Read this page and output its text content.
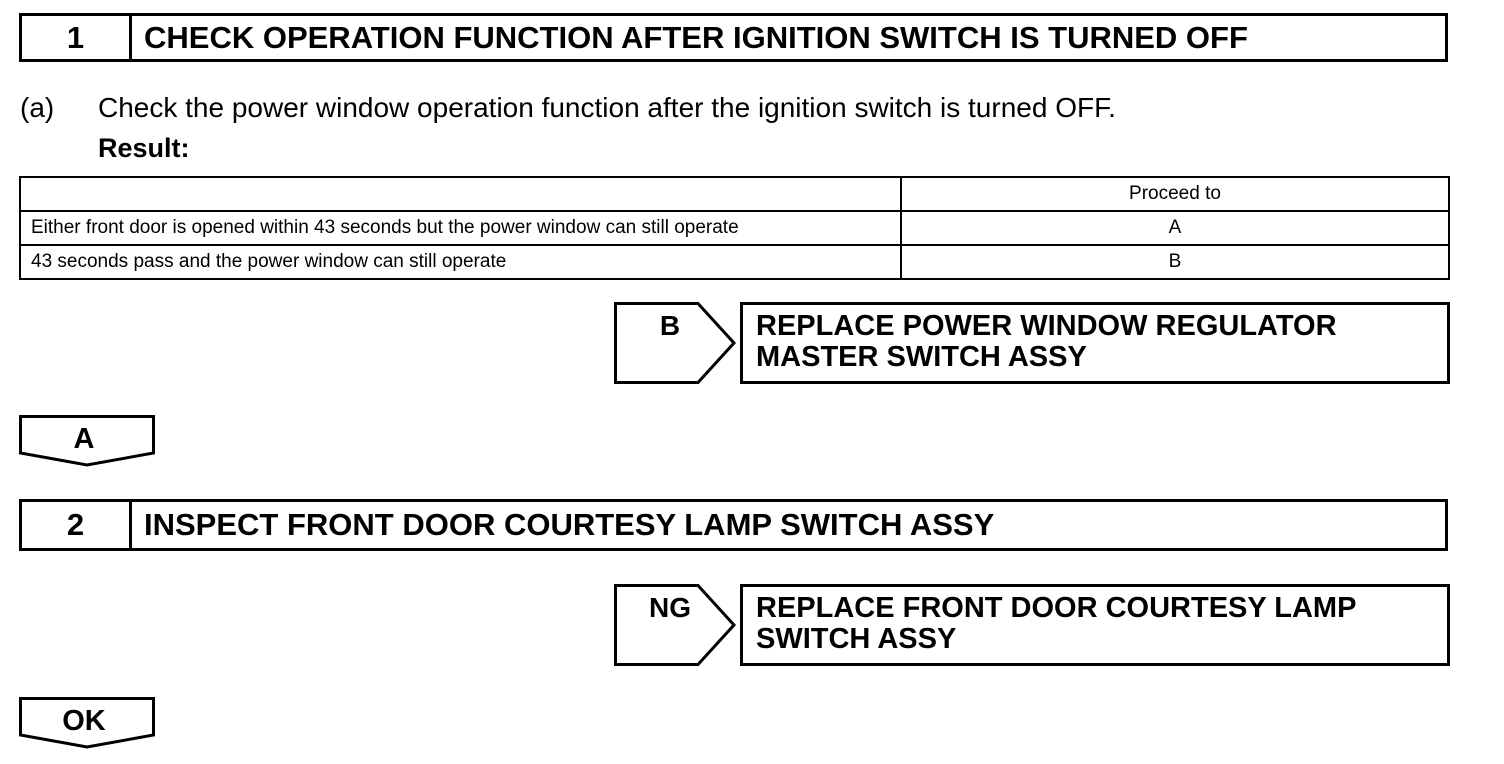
1	CHECK OPERATION FUNCTION AFTER IGNITION SWITCH IS TURNED OFF
(a) Check the power window operation function after the ignition switch is turned OFF.
Result:
	Proceed to
Either front door is opened within 43 seconds but the power window can still operate	A
43 seconds pass and the power window can still operate	B
B	REPLACE POWER WINDOW REGULATOR
MASTER SWITCH ASSY
A
2	INSPECT FRONT DOOR COURTESY LAMP SWITCH ASSY
NG	REPLACE FRONT DOOR COURTESY LAMP
SWITCH ASSY
OK
